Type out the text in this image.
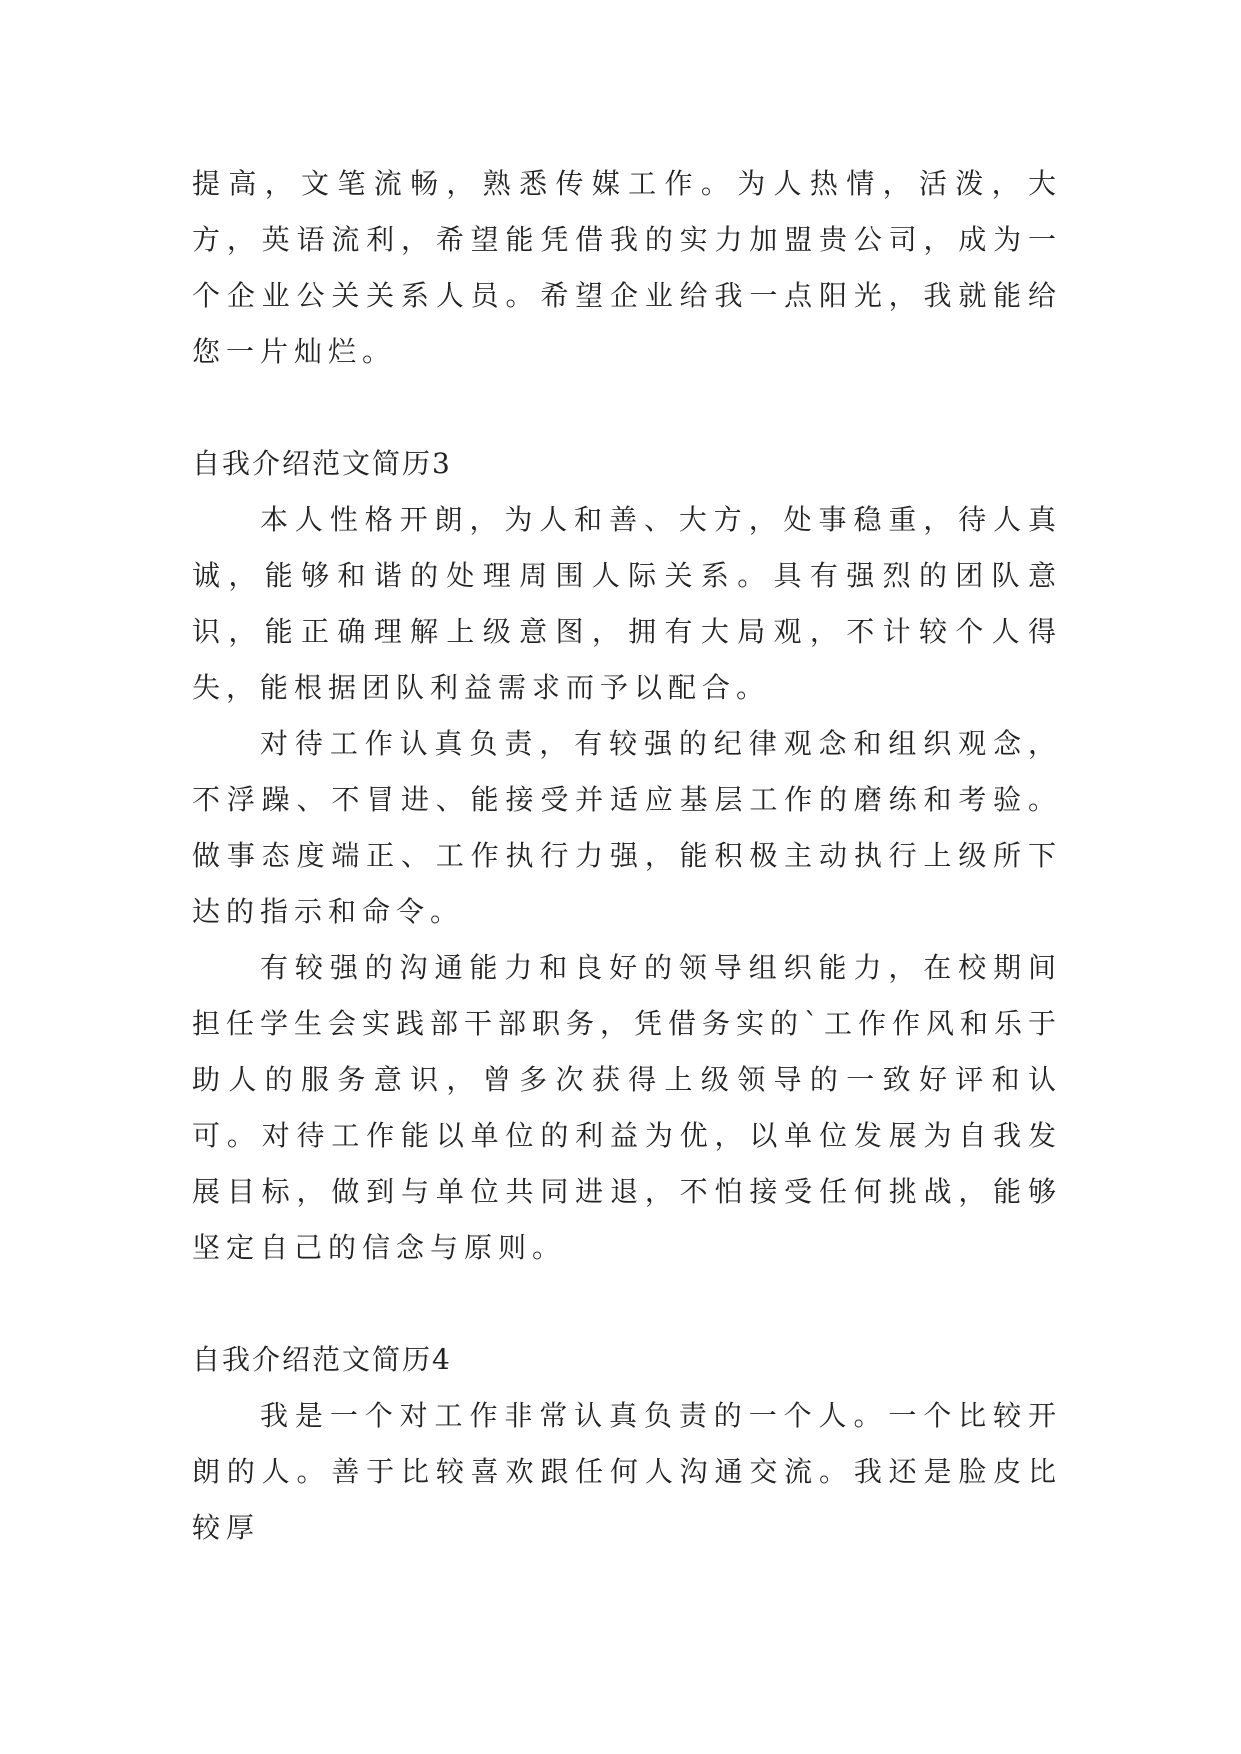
提高，文笔流畅，熟悉传媒工作。为人热情，活泼，大方，英语流利，希望能凭借我的实力加盟贵公司，成为一个企业公关关系人员。希望企业给我一点阳光，我就能给您一片灿烂。

自我介绍范文简历3

本人性格开朗，为人和善、大方，处事稳重，待人真诚，能够和谐的处理周围人际关系。具有强烈的团队意识，能正确理解上级意图，拥有大局观，不计较个人得失，能根据团队利益需求而予以配合。

对待工作认真负责，有较强的纪律观念和组织观念，不浮躁、不冒进、能接受并适应基层工作的磨练和考验。做事态度端正、工作执行力强，能积极主动执行上级所下达的指示和命令。

有较强的沟通能力和良好的领导组织能力，在校期间担任学生会实践部干部职务，凭借务实的`工作作风和乐于助人的服务意识，曾多次获得上级领导的一致好评和认可。对待工作能以单位的利益为优，以单位发展为自我发展目标，做到与单位共同进退，不怕接受任何挑战，能够坚定自己的信念与原则。

自我介绍范文简历4

我是一个对工作非常认真负责的一个人。一个比较开朗的人。善于比较喜欢跟任何人沟通交流。我还是脸皮比较厚
